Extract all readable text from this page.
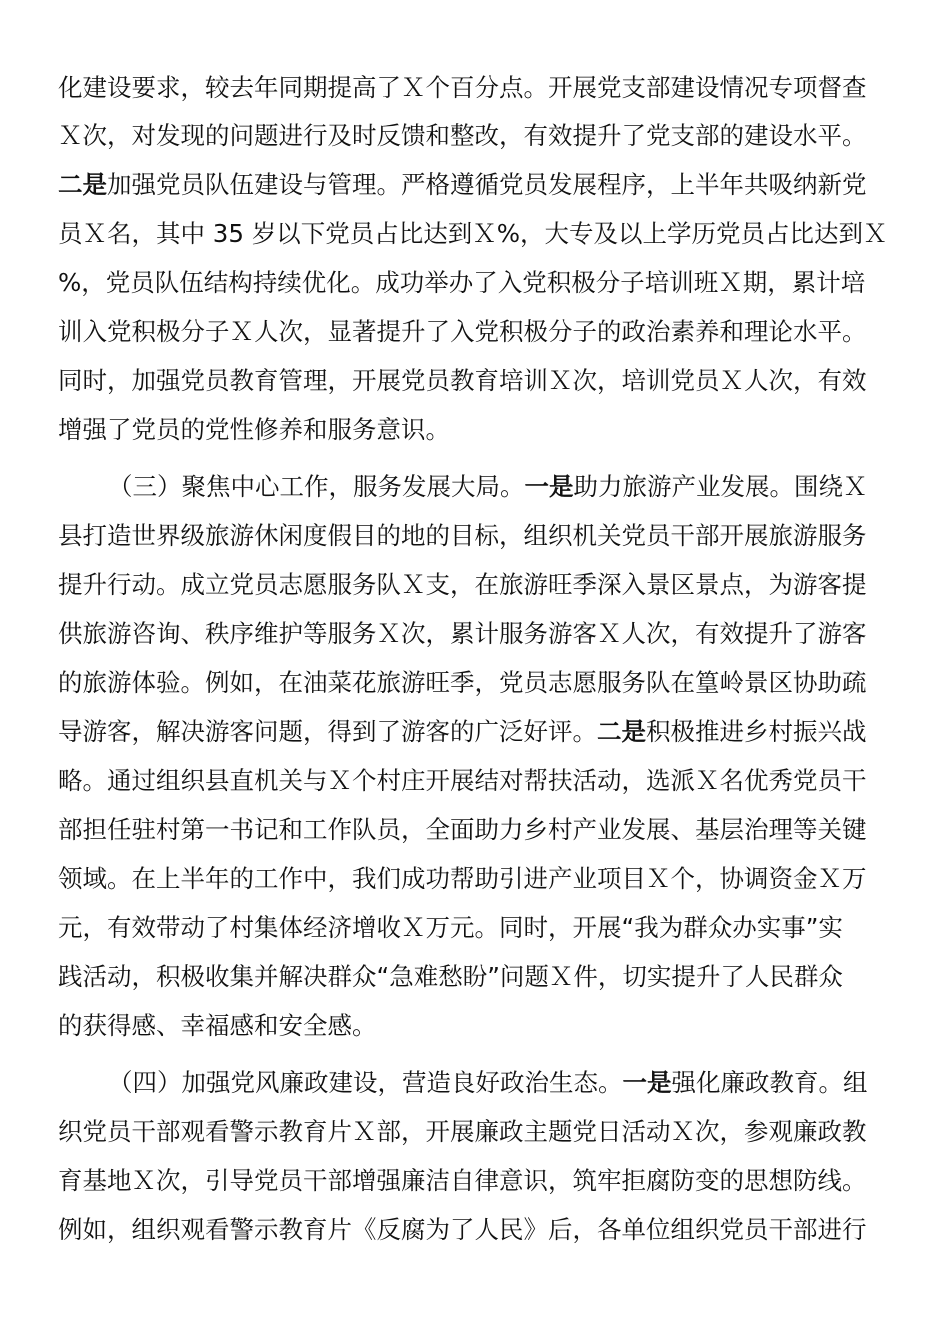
化建设要求，较去年同期提高了Ｘ个百分点。开展党支部建设情况专项督查
Ｘ次，对发现的问题进行及时反馈和整改，有效提升了党支部的建设水平。
二是加强党员队伍建设与管理。严格遵循党员发展程序，上半年共吸纳新党
员Ｘ名，其中 35 岁以下党员占比达到Ｘ%，大专及以上学历党员占比达到Ｘ
%，党员队伍结构持续优化。成功举办了入党积极分子培训班Ｘ期，累计培
训入党积极分子Ｘ人次，显著提升了入党积极分子的政治素养和理论水平。
同时，加强党员教育管理，开展党员教育培训Ｘ次，培训党员Ｘ人次，有效
增强了党员的党性修养和服务意识。
（三）聚焦中心工作，服务发展大局。一是助力旅游产业发展。围绕Ｘ
县打造世界级旅游休闲度假目的地的目标，组织机关党员干部开展旅游服务
提升行动。成立党员志愿服务队Ｘ支，在旅游旺季深入景区景点，为游客提
供旅游咨询、秩序维护等服务Ｘ次，累计服务游客Ｘ人次，有效提升了游客
的旅游体验。例如，在油菜花旅游旺季，党员志愿服务队在篁岭景区协助疏
导游客，解决游客问题，得到了游客的广泛好评。二是积极推进乡村振兴战
略。通过组织县直机关与Ｘ个村庄开展结对帮扶活动，选派Ｘ名优秀党员干
部担任驻村第一书记和工作队员，全面助力乡村产业发展、基层治理等关键
领域。在上半年的工作中，我们成功帮助引进产业项目Ｘ个，协调资金Ｘ万
元，有效带动了村集体经济增收Ｘ万元。同时，开展“我为群众办实事”实
践活动，积极收集并解决群众“急难愁盼”问题Ｘ件，切实提升了人民群众
的获得感、幸福感和安全感。
（四）加强党风廉政建设，营造良好政治生态。一是强化廉政教育。组
织党员干部观看警示教育片Ｘ部，开展廉政主题党日活动Ｘ次，参观廉政教
育基地Ｘ次，引导党员干部增强廉洁自律意识，筑牢拒腐防变的思想防线。
例如，组织观看警示教育片《反腐为了人民》后，各单位组织党员干部进行
